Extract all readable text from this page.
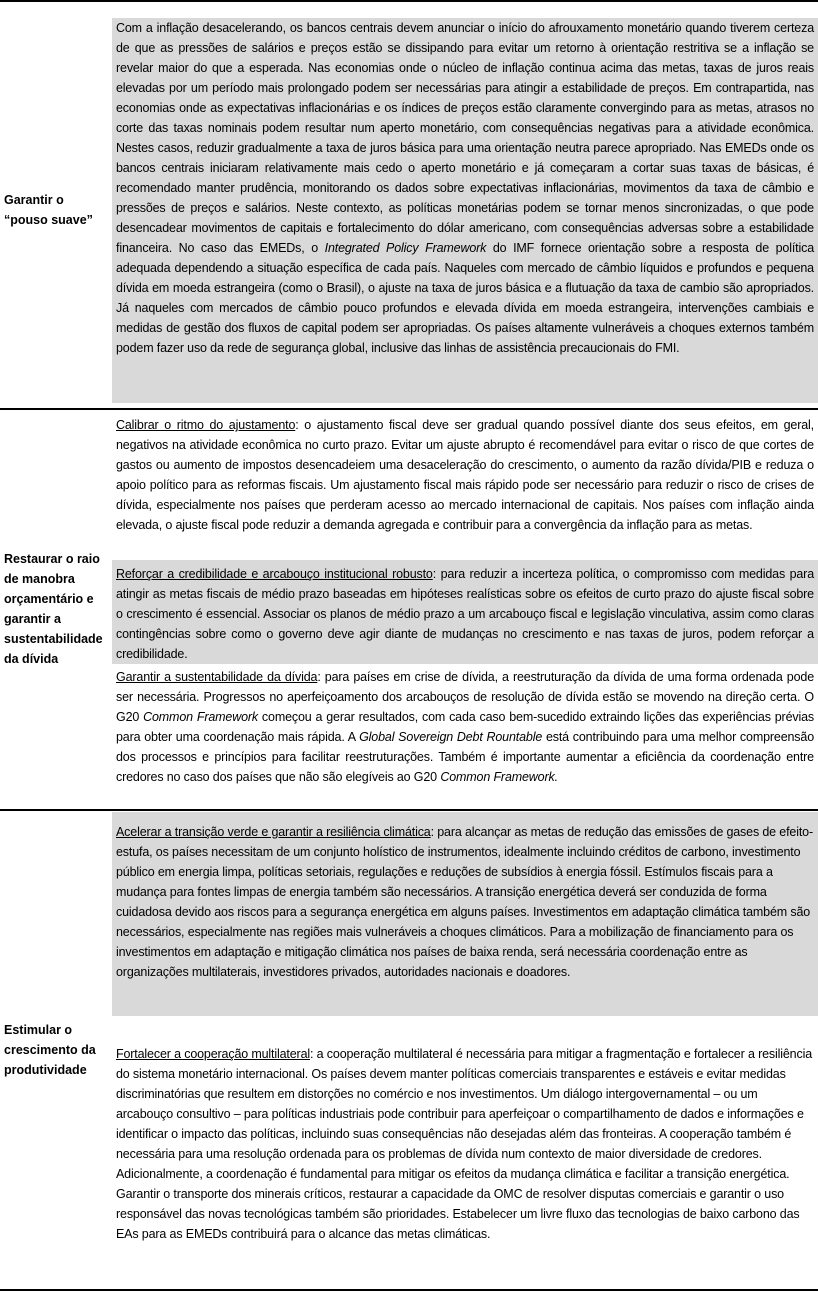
Garantir o “pouso suave”

Com a inflação desacelerando, os bancos centrais devem anunciar o início do afrouxamento monetário quando tiverem certeza de que as pressões de salários e preços estão se dissipando para evitar um retorno à orientação restritiva se a inflação se revelar maior do que a esperada. Nas economias onde o núcleo de inflação continua acima das metas, taxas de juros reais elevadas por um período mais prolongado podem ser necessárias para atingir a estabilidade de preços. Em contrapartida, nas economias onde as expectativas inflacionárias e os índices de preços estão claramente convergindo para as metas, atrasos no corte das taxas nominais podem resultar num aperto monetário, com consequências negativas para a atividade econômica. Nestes casos, reduzir gradualmente a taxa de juros básica para uma orientação neutra parece apropriado. Nas EMEDs onde os bancos centrais iniciaram relativamente mais cedo o aperto monetário e já começaram a cortar suas taxas de básicas, é recomendado manter prudência, monitorando os dados sobre expectativas inflacionárias, movimentos da taxa de câmbio e pressões de preços e salários. Neste contexto, as políticas monetárias podem se tornar menos sincronizadas, o que pode desencadear movimentos de capitais e fortalecimento do dólar americano, com consequências adversas sobre a estabilidade financeira. No caso das EMEDs, o Integrated Policy Framework do IMF fornece orientação sobre a resposta de política adequada dependendo a situação específica de cada país. Naqueles com mercado de câmbio líquidos e profundos e pequena dívida em moeda estrangeira (como o Brasil), o ajuste na taxa de juros básica e a flutuação da taxa de cambio são apropriados. Já naqueles com mercados de câmbio pouco profundos e elevada dívida em moeda estrangeira, intervenções cambiais e medidas de gestão dos fluxos de capital podem ser apropriadas. Os países altamente vulneráveis a choques externos também podem fazer uso da rede de segurança global, inclusive das linhas de assistência precaucionais do FMI.

Restaurar o raio de manobra orçamentário e garantir a sustentabilidade da dívida

Calibrar o ritmo do ajustamento: o ajustamento fiscal deve ser gradual quando possível diante dos seus efeitos, em geral, negativos na atividade econômica no curto prazo. Evitar um ajuste abrupto é recomendável para evitar o risco de que cortes de gastos ou aumento de impostos desencadeiem uma desaceleração do crescimento, o aumento da razão dívida/PIB e reduza o apoio político para as reformas fiscais. Um ajustamento fiscal mais rápido pode ser necessário para reduzir o risco de crises de dívida, especialmente nos países que perderam acesso ao mercado internacional de capitais. Nos países com inflação ainda elevada, o ajuste fiscal pode reduzir a demanda agregada e contribuir para a convergência da inflação para as metas.

Reforçar a credibilidade e arcabouço institucional robusto: para reduzir a incerteza política, o compromisso com medidas para atingir as metas fiscais de médio prazo baseadas em hipóteses realísticas sobre os efeitos de curto prazo do ajuste fiscal sobre o crescimento é essencial. Associar os planos de médio prazo a um arcabouço fiscal e legislação vinculativa, assim como claras contingências sobre como o governo deve agir diante de mudanças no crescimento e nas taxas de juros, podem reforçar a credibilidade.

Garantir a sustentabilidade da dívida: para países em crise de dívida, a reestruturação da dívida de uma forma ordenada pode ser necessária. Progressos no aperfeiçoamento dos arcabouços de resolução de dívida estão se movendo na direção certa. O G20 Common Framework começou a gerar resultados, com cada caso bem-sucedido extraindo lições das experiências prévias para obter uma coordenação mais rápida. A Global Sovereign Debt Rountable está contribuindo para uma melhor compreensão dos processos e princípios para facilitar reestruturações. Também é importante aumentar a eficiência da coordenação entre credores no caso dos países que não são elegíveis ao G20 Common Framework.

Estimular o crescimento da produtividade

Acelerar a transição verde e garantir a resiliência climática: para alcançar as metas de redução das emissões de gases de efeito-estufa, os países necessitam de um conjunto holístico de instrumentos, idealmente incluindo créditos de carbono, investimento público em energia limpa, políticas setoriais, regulações e reduções de subsídios à energia fóssil. Estímulos fiscais para a mudança para fontes limpas de energia também são necessários. A transição energética deverá ser conduzida de forma cuidadosa devido aos riscos para a segurança energética em alguns países. Investimentos em adaptação climática também são necessários, especialmente nas regiões mais vulneráveis a choques climáticos. Para a mobilização de financiamento para os investimentos em adaptação e mitigação climática nos países de baixa renda, será necessária coordenação entre as organizações multilaterais, investidores privados, autoridades nacionais e doadores.

Fortalecer a cooperação multilateral: a cooperação multilateral é necessária para mitigar a fragmentação e fortalecer a resiliência do sistema monetário internacional. Os países devem manter políticas comerciais transparentes e estáveis e evitar medidas discriminatórias que resultem em distorções no comércio e nos investimentos. Um diálogo intergovernamental – ou um arcabouço consultivo – para políticas industriais pode contribuir para aperfeiçoar o compartilhamento de dados e informações e identificar o impacto das políticas, incluindo suas consequências não desejadas além das fronteiras. A cooperação também é necessária para uma resolução ordenada para os problemas de dívida num contexto de maior diversidade de credores. Adicionalmente, a coordenação é fundamental para mitigar os efeitos da mudança climática e facilitar a transição energética. Garantir o transporte dos minerais críticos, restaurar a capacidade da OMC de resolver disputas comerciais e garantir o uso responsável das novas tecnológicas também são prioridades. Estabelecer um livre fluxo das tecnologias de baixo carbono das EAs para as EMEDs contribuirá para o alcance das metas climáticas.
